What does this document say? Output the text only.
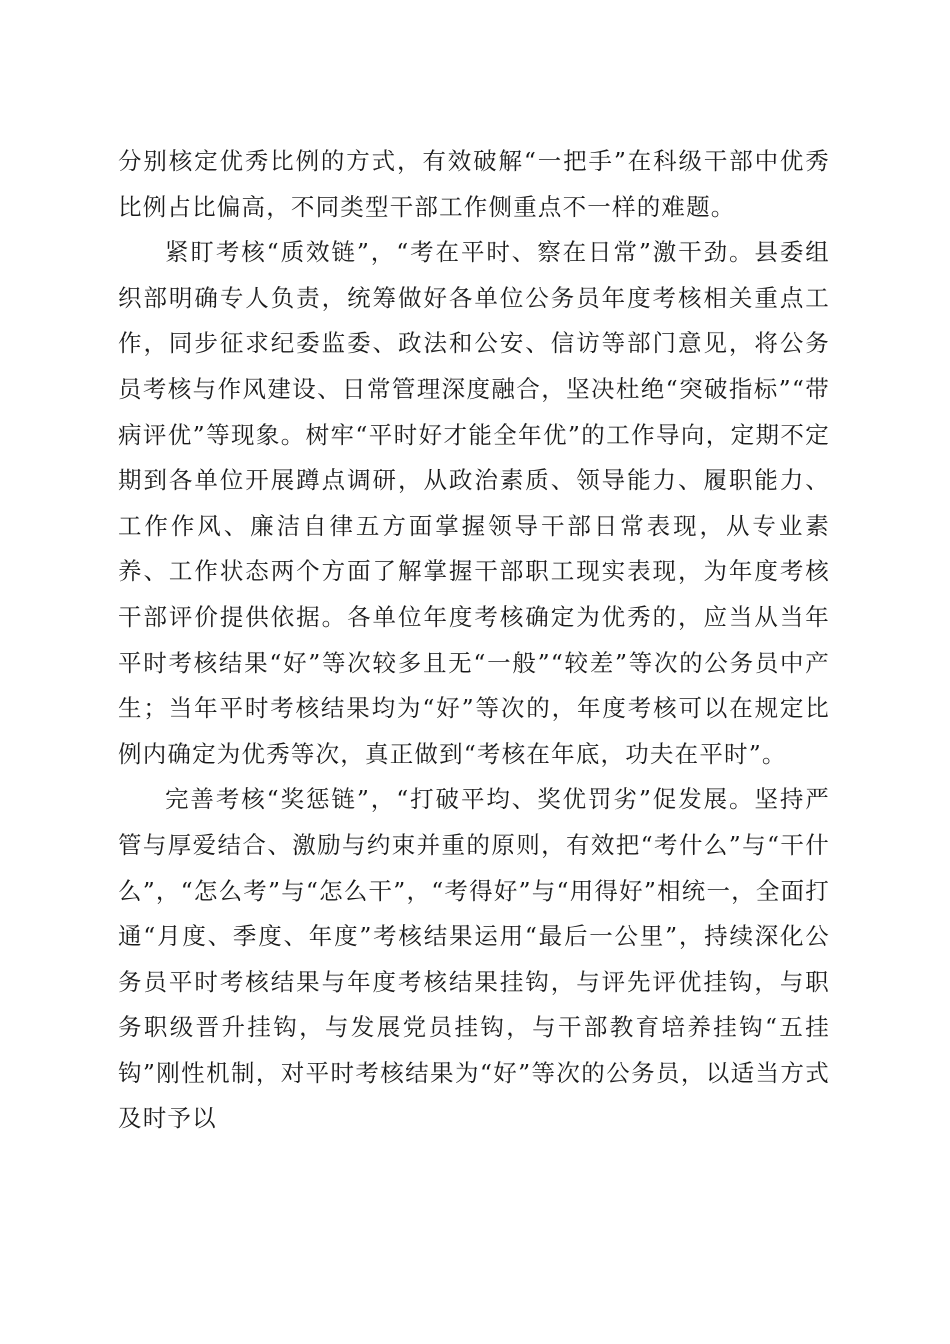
分别核定优秀比例的方式，有效破解“一把手”在科级干部中优秀比例占比偏高，不同类型干部工作侧重点不一样的难题。

紧盯考核“质效链”，“考在平时、察在日常”激干劲。县委组织部明确专人负责，统筹做好各单位公务员年度考核相关重点工作，同步征求纪委监委、政法和公安、信访等部门意见，将公务员考核与作风建设、日常管理深度融合，坚决杜绝“突破指标”“带病评优”等现象。树牢“平时好才能全年优”的工作导向，定期不定期到各单位开展蹲点调研，从政治素质、领导能力、履职能力、工作作风、廉洁自律五方面掌握领导干部日常表现，从专业素养、工作状态两个方面了解掌握干部职工现实表现，为年度考核干部评价提供依据。各单位年度考核确定为优秀的，应当从当年平时考核结果“好”等次较多且无“一般”“较差”等次的公务员中产生；当年平时考核结果均为“好”等次的，年度考核可以在规定比例内确定为优秀等次，真正做到“考核在年底，功夫在平时”。

完善考核“奖惩链”，“打破平均、奖优罚劣”促发展。坚持严管与厚爱结合、激励与约束并重的原则，有效把“考什么”与“干什么”，“怎么考”与“怎么干”，“考得好”与“用得好”相统一，全面打通“月度、季度、年度”考核结果运用“最后一公里”，持续深化公务员平时考核结果与年度考核结果挂钩，与评先评优挂钩，与职务职级晋升挂钩，与发展党员挂钩，与干部教育培养挂钩“五挂钩”刚性机制，对平时考核结果为“好”等次的公务员，以适当方式及时予以
